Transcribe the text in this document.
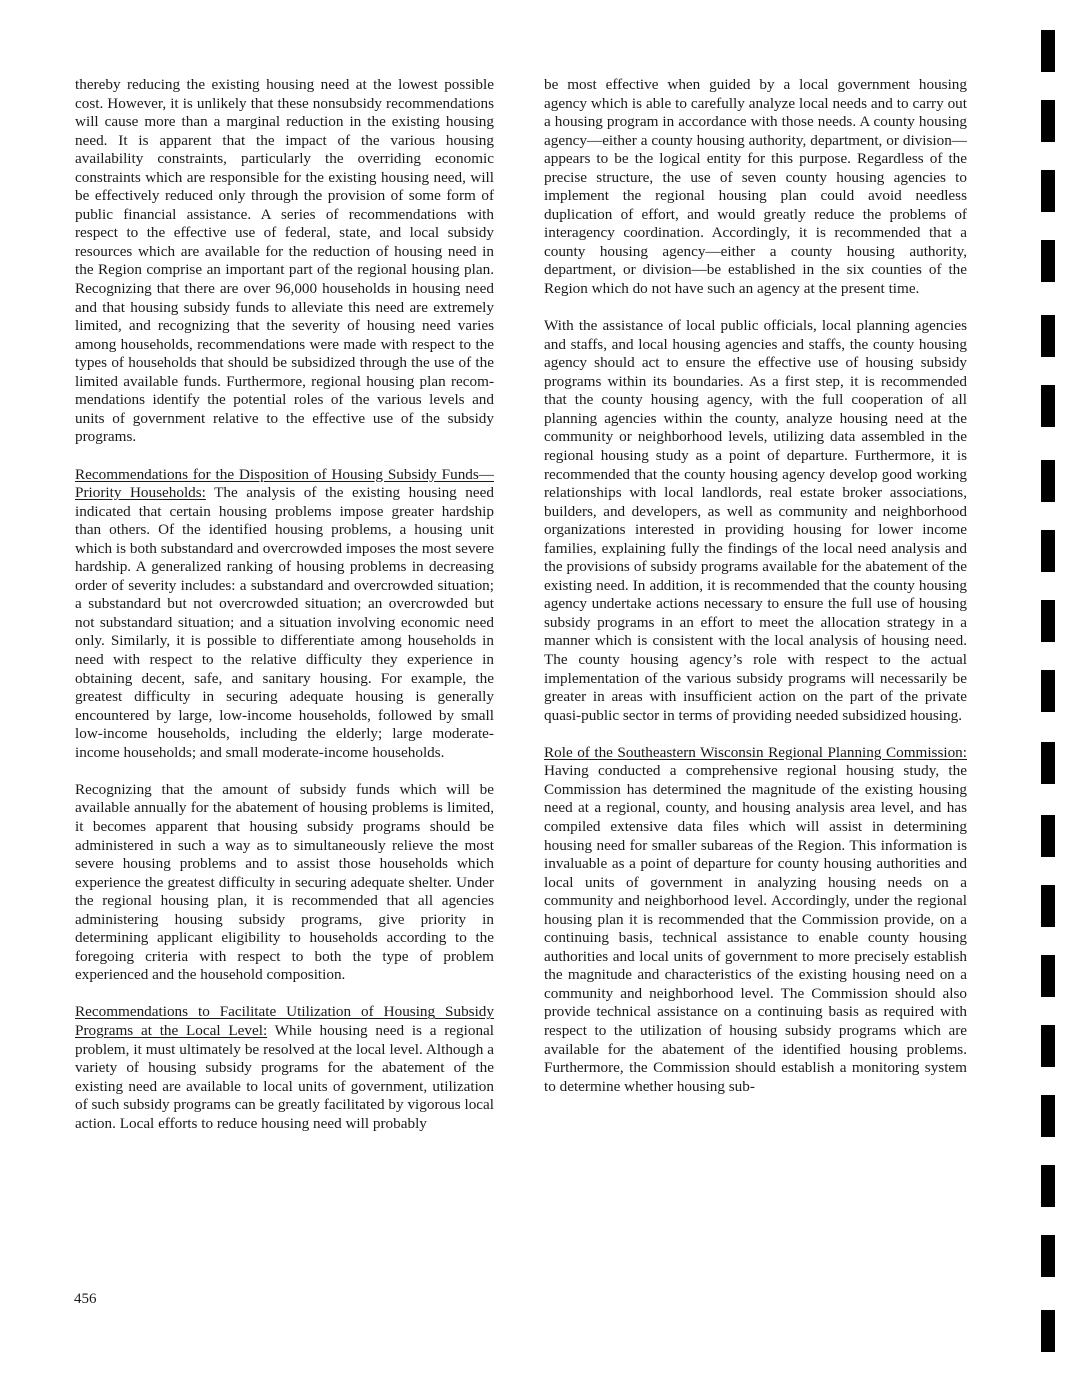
thereby reducing the existing housing need at the lowest possible cost. However, it is unlikely that these nonsubsidy recommendations will cause more than a marginal reduction in the existing housing need. It is apparent that the impact of the various housing availability constraints, particularly the overriding economic constraints which are responsible for the existing housing need, will be effectively reduced only through the provision of some form of public financial assistance. A series of recommendations with respect to the effective use of federal, state, and local subsidy resources which are available for the reduction of housing need in the Region comprise an important part of the regional housing plan. Recognizing that there are over 96,000 households in housing need and that housing subsidy funds to alleviate this need are extremely limited, and recognizing that the severity of housing need varies among households, recommendations were made with respect to the types of households that should be subsidized through the use of the limited available funds. Furthermore, regional housing plan recommendations identify the potential roles of the various levels and units of government relative to the effective use of the subsidy programs.

Recommendations for the Disposition of Housing Subsidy Funds—Priority Households: The analysis of the existing housing need indicated that certain housing problems impose greater hardship than others. Of the identified housing problems, a housing unit which is both substandard and overcrowded imposes the most severe hardship. A generalized ranking of housing problems in decreasing order of severity includes: a substandard and overcrowded situation; a substandard but not overcrowded situation; an overcrowded but not substandard situation; and a situation involving economic need only. Similarly, it is possible to differentiate among households in need with respect to the relative difficulty they experience in obtaining decent, safe, and sanitary housing. For example, the greatest difficulty in securing adequate housing is generally encountered by large, low-income households, followed by small low-income households, including the elderly; large moderate-income households; and small moderate-income households.

Recognizing that the amount of subsidy funds which will be available annually for the abatement of housing problems is limited, it becomes apparent that housing subsidy programs should be administered in such a way as to simultaneously relieve the most severe housing problems and to assist those households which experience the greatest difficulty in securing adequate shelter. Under the regional housing plan, it is recommended that all agencies administering housing subsidy programs, give priority in determining applicant eligibility to households according to the foregoing criteria with respect to both the type of problem experienced and the household composition.

Recommendations to Facilitate Utilization of Housing Subsidy Programs at the Local Level: While housing need is a regional problem, it must ultimately be resolved at the local level. Although a variety of housing subsidy programs for the abatement of the existing need are available to local units of government, utilization of such subsidy programs can be greatly facilitated by vigorous local action. Local efforts to reduce housing need will probably

be most effective when guided by a local government housing agency which is able to carefully analyze local needs and to carry out a housing program in accordance with those needs. A county housing agency—either a county housing authority, department, or division—appears to be the logical entity for this purpose. Regardless of the precise structure, the use of seven county housing agencies to implement the regional housing plan could avoid needless duplication of effort, and would greatly reduce the problems of interagency coordination. Accordingly, it is recommended that a county housing agency—either a county housing authority, department, or division—be established in the six counties of the Region which do not have such an agency at the present time.

With the assistance of local public officials, local planning agencies and staffs, and local housing agencies and staffs, the county housing agency should act to ensure the effective use of housing subsidy programs within its boundaries. As a first step, it is recommended that the county housing agency, with the full cooperation of all planning agencies within the county, analyze housing need at the community or neighborhood levels, utilizing data assembled in the regional housing study as a point of departure. Furthermore, it is recommended that the county housing agency develop good working relationships with local landlords, real estate broker associations, builders, and developers, as well as community and neighborhood organizations interested in providing housing for lower income families, explaining fully the findings of the local need analysis and the provisions of subsidy programs available for the abatement of the existing need. In addition, it is recommended that the county housing agency undertake actions necessary to ensure the full use of housing subsidy programs in an effort to meet the allocation strategy in a manner which is consistent with the local analysis of housing need. The county housing agency’s role with respect to the actual implementation of the various subsidy programs will necessarily be greater in areas with insufficient action on the part of the private quasi-public sector in terms of providing needed subsidized housing.

Role of the Southeastern Wisconsin Regional Planning Commission: Having conducted a comprehensive regional housing study, the Commission has determined the magnitude of the existing housing need at a regional, county, and housing analysis area level, and has compiled extensive data files which will assist in determining housing need for smaller subareas of the Region. This information is invaluable as a point of departure for county housing authorities and local units of government in analyzing housing needs on a community and neighborhood level. Accordingly, under the regional housing plan it is recommended that the Commission provide, on a continuing basis, technical assistance to enable county housing authorities and local units of government to more precisely establish the magnitude and characteristics of the existing housing need on a community and neighborhood level. The Commission should also provide technical assistance on a continuing basis as required with respect to the utilization of housing subsidy programs which are available for the abatement of the identified housing problems. Furthermore, the Commission should establish a monitoring system to determine whether housing sub-

456
